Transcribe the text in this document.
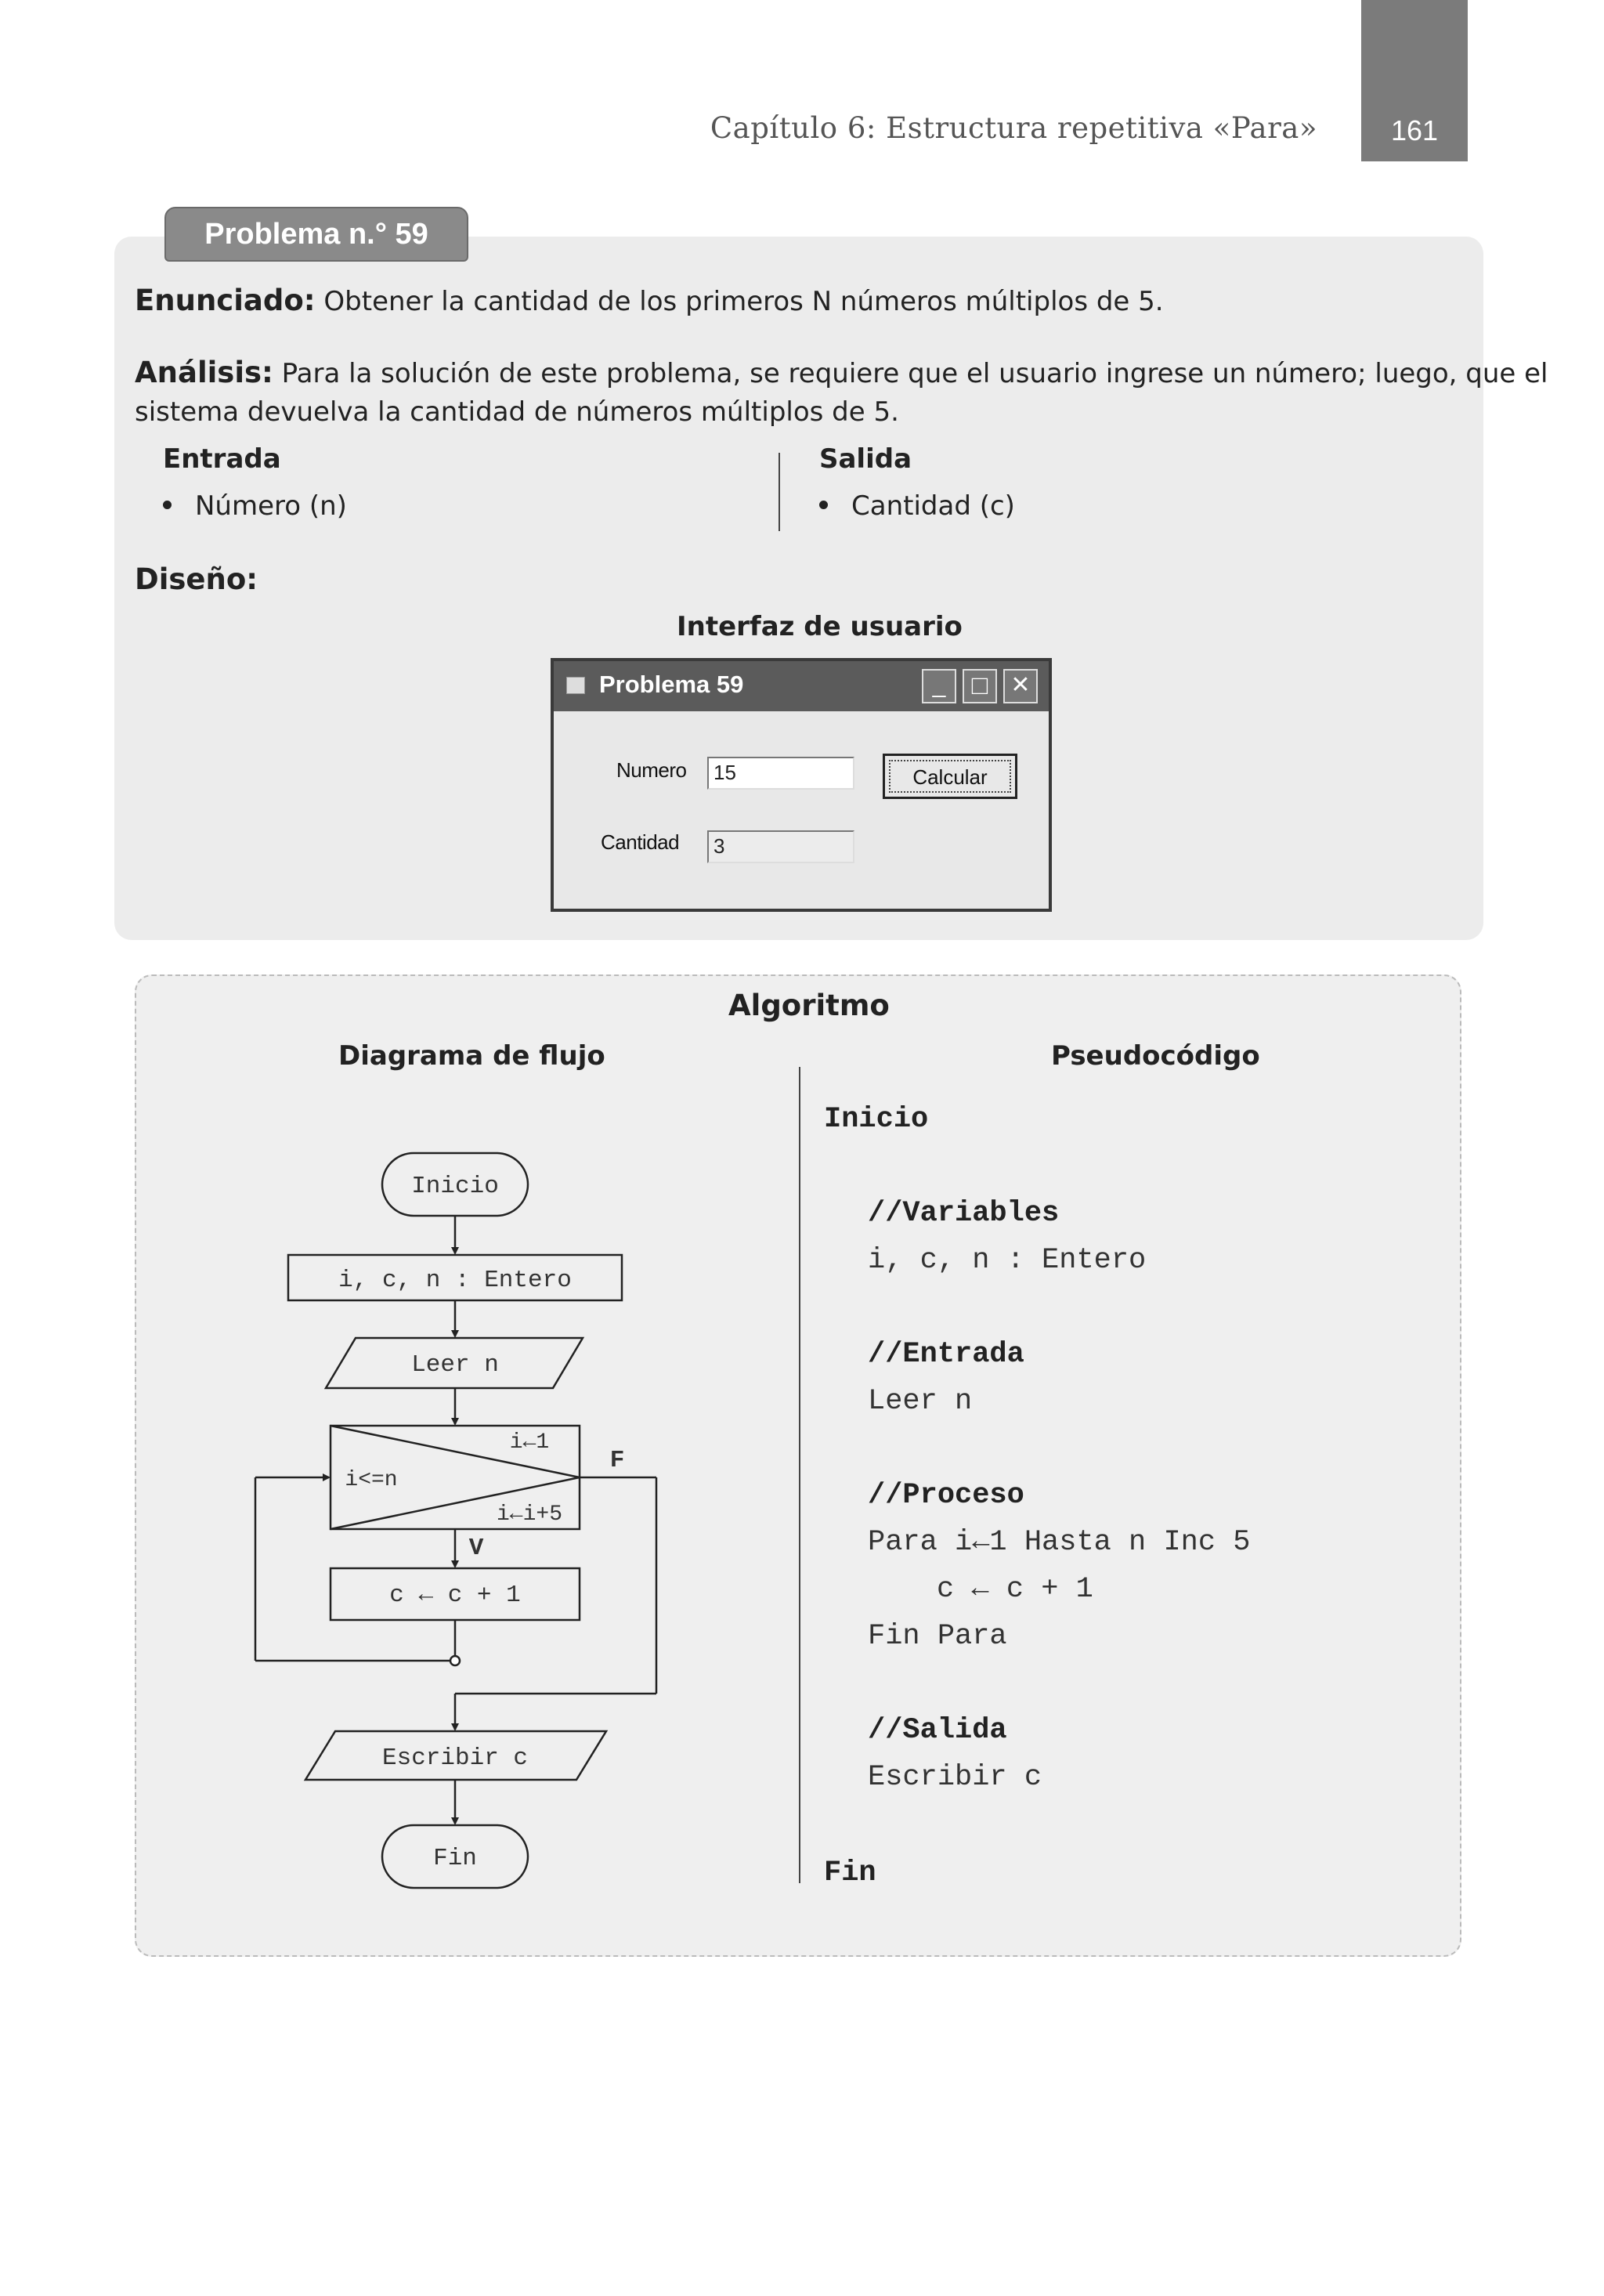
Capítulo 6: Estructura repetitiva «Para»	161
Problema n.° 59
Enunciado: Obtener la cantidad de los primeros N números múltiplos de 5.
Análisis: Para la solución de este problema, se requiere que el usuario ingrese un número; luego, que el
sistema devuelva la cantidad de números múltiplos de 5.
Entrada
Número (n)
Salida
Cantidad (c)
Diseño:
Interfaz de usuario
Problema 59	_ □ ✕
Numero	15	Calcular
Cantidad	3
Algoritmo
Diagrama de flujo	Pseudocódigo
Inicio
i, c, n : Entero
Leer n
i←1
i<=n
i←i+5
F
V
c ← c + 1
Escribir c
Fin
Inicio
//Variables
i, c, n : Entero
//Entrada
Leer n
//Proceso
Para i←1 Hasta n Inc 5
c ← c + 1
Fin Para
//Salida
Escribir c
Fin
